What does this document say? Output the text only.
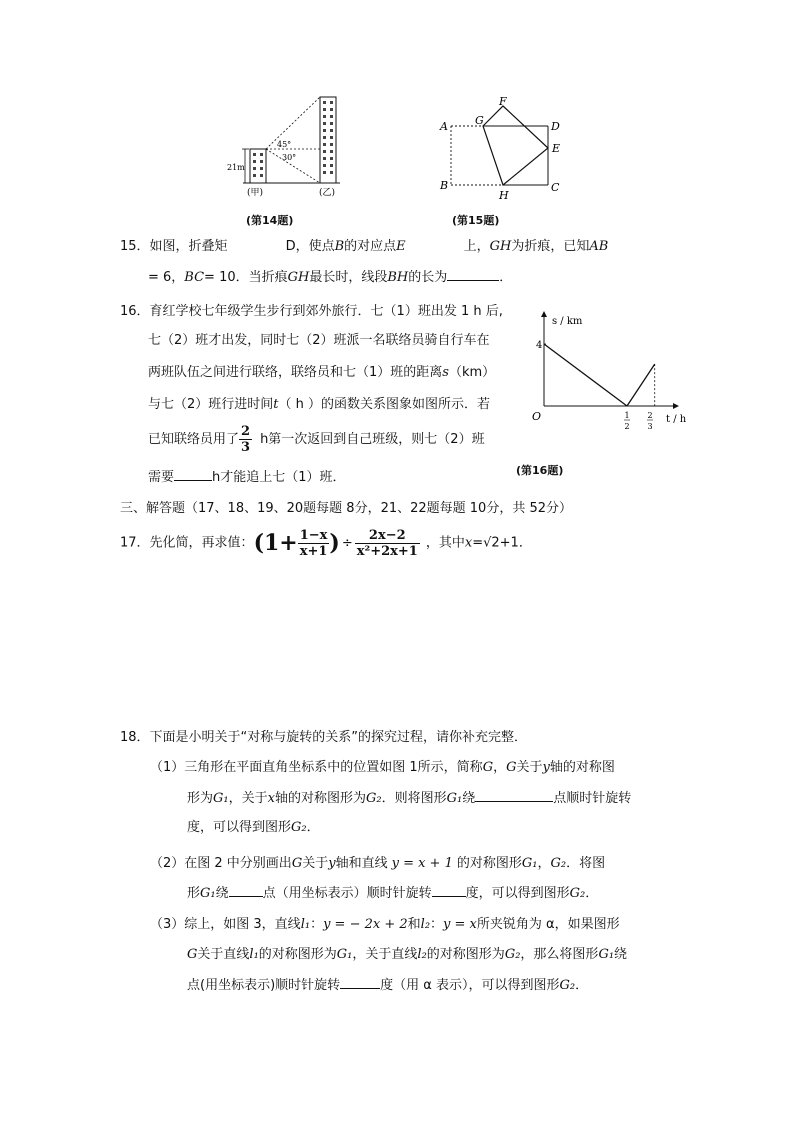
21m
45°
30°
(甲)	(乙)
(第14题)
A
B	C
D
E
F
G
H
(第15题)
15．如图，折叠矩	D，使点B的对应点E	上，GH为折痕，已知AB
= 6，BC= 10．当折痕GH最长时，线段BH的长为	．
s / km
t / h
O
4
1
2
2
3
(第16题)
16．育红学校七年级学生步行到郊外旅行．七（1）班出发 1 h 后,
七（2）班才出发，同时七（2）班派一名联络员骑自行车在
两班队伍之间进行联络，联络员和七（1）班的距离s（km）
与七（2）班行进时间t（ h ）的函数关系图象如图所示．若
已知联络员用了 $\frac{2}{3}$ h第一次返回到自己班级，则七（2）班
需要	h才能追上七（1）班．
三、解答题（17、18、19、20题每题 8分，21、22题每题 10分，共 52分）
17．先化简，再求值：($1+ \frac{1-x}{x+1}$ ) ÷ $\frac{2x-2}{\text{x²+2x+1}}$ ，其中x=√2+1．
18．下面是小明关于“对称与旋转的关系”的探究过程，请你补充完整．
（1）三角形在平面直角坐标系中的位置如图 1所示，简称G，G关于y轴的对称图
形为G₁，关于x轴的对称图形为G₂．则将图形G₁绕	点顺时针旋转
度，可以得到图形G₂．
（2）在图 2 中分别画出G关于y轴和直线 y = x + 1 的对称图形G₁，G₂．将图
形G₁绕	点（用坐标表示）顺时针旋转	度，可以得到图形G₂．
（3）综上，如图 3，直线l₁：y = − 2x + 2和l₂：y = x所夹锐角为 α，如果图形
G关于直线l₁的对称图形为G₁，关于直线l₂的对称图形为G₂，那么将图形G₁绕
点(用坐标表示)顺时针旋转	度（用 α 表示），可以得到图形G₂．
